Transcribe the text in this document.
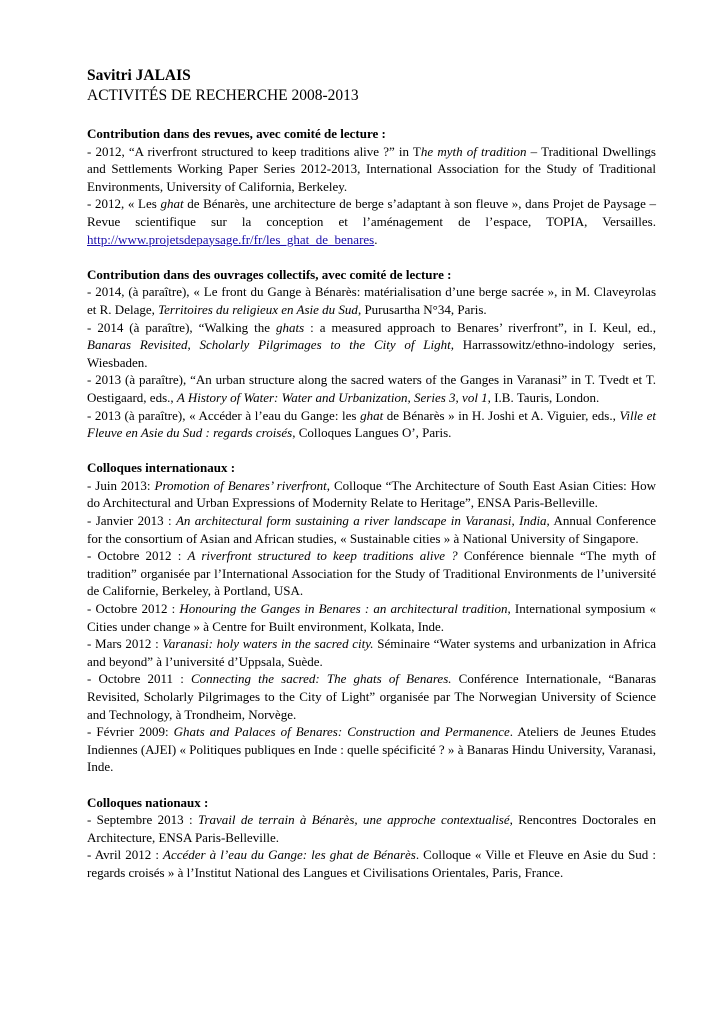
Savitri JALAIS

ACTIVITÉS DE RECHERCHE 2008-2013

Contribution dans des revues, avec comité de lecture :

- 2012, “A riverfront structured to keep traditions alive ?” in The myth of tradition – Traditional Dwellings and Settlements Working Paper Series 2012-2013, International Association for the Study of Traditional Environments, University of California, Berkeley.

- 2012, « Les ghat de Bénarès, une architecture de berge s’adaptant à son fleuve », dans Projet de Paysage – Revue scientifique sur la conception et l’aménagement de l’espace, TOPIA, Versailles. http://www.projetsdepaysage.fr/fr/les_ghat_de_benares.

Contribution dans des ouvrages collectifs, avec comité de lecture :

- 2014, (à paraître), « Le front du Gange à Bénarès: matérialisation d’une berge sacrée », in M. Claveyrolas et R. Delage, Territoires du religieux en Asie du Sud, Purusartha N°34, Paris.

- 2014 (à paraître), “Walking the ghats : a measured approach to Benares’ riverfront”, in I. Keul, ed., Banaras Revisited, Scholarly Pilgrimages to the City of Light, Harrassowitz/ethno-indology series, Wiesbaden.

- 2013 (à paraître), “An urban structure along the sacred waters of the Ganges in Varanasi” in T. Tvedt et T. Oestigaard, eds., A History of Water: Water and Urbanization, Series 3, vol 1, I.B. Tauris, London.

- 2013 (à paraître), « Accéder à l’eau du Gange: les ghat de Bénarès » in H. Joshi et A. Viguier, eds., Ville et Fleuve en Asie du Sud : regards croisés, Colloques Langues O’, Paris.

Colloques internationaux :

- Juin 2013: Promotion of Benares’ riverfront, Colloque “The Architecture of South East Asian Cities: How do Architectural and Urban Expressions of Modernity Relate to Heritage”, ENSA Paris-Belleville.

- Janvier 2013 : An architectural form sustaining a river landscape in Varanasi, India, Annual Conference for the consortium of Asian and African studies, « Sustainable cities » à National University of Singapore.

- Octobre 2012 : A riverfront structured to keep traditions alive ? Conférence biennale “The myth of tradition” organisée par l’International Association for the Study of Traditional Environments de l’université de Californie, Berkeley, à Portland, USA.

- Octobre 2012 : Honouring the Ganges in Benares : an architectural tradition, International symposium « Cities under change » à Centre for Built environment, Kolkata, Inde.

- Mars 2012 : Varanasi: holy waters in the sacred city. Séminaire “Water systems and urbanization in Africa and beyond” à l’université d’Uppsala, Suède.

- Octobre 2011 : Connecting the sacred: The ghats of Benares. Conférence Internationale, “Banaras Revisited, Scholarly Pilgrimages to the City of Light” organisée par The Norwegian University of Science and Technology, à Trondheim, Norvège.

- Février 2009: Ghats and Palaces of Benares: Construction and Permanence. Ateliers de Jeunes Etudes Indiennes (AJEI) « Politiques publiques en Inde : quelle spécificité ? » à Banaras Hindu University, Varanasi, Inde.

Colloques nationaux :

- Septembre 2013 : Travail de terrain à Bénarès, une approche contextualisé, Rencontres Doctorales en Architecture, ENSA Paris-Belleville.

- Avril 2012 : Accéder à l’eau du Gange: les ghat de Bénarès. Colloque « Ville et Fleuve en Asie du Sud : regards croisés » à l’Institut National des Langues et Civilisations Orientales, Paris, France.
